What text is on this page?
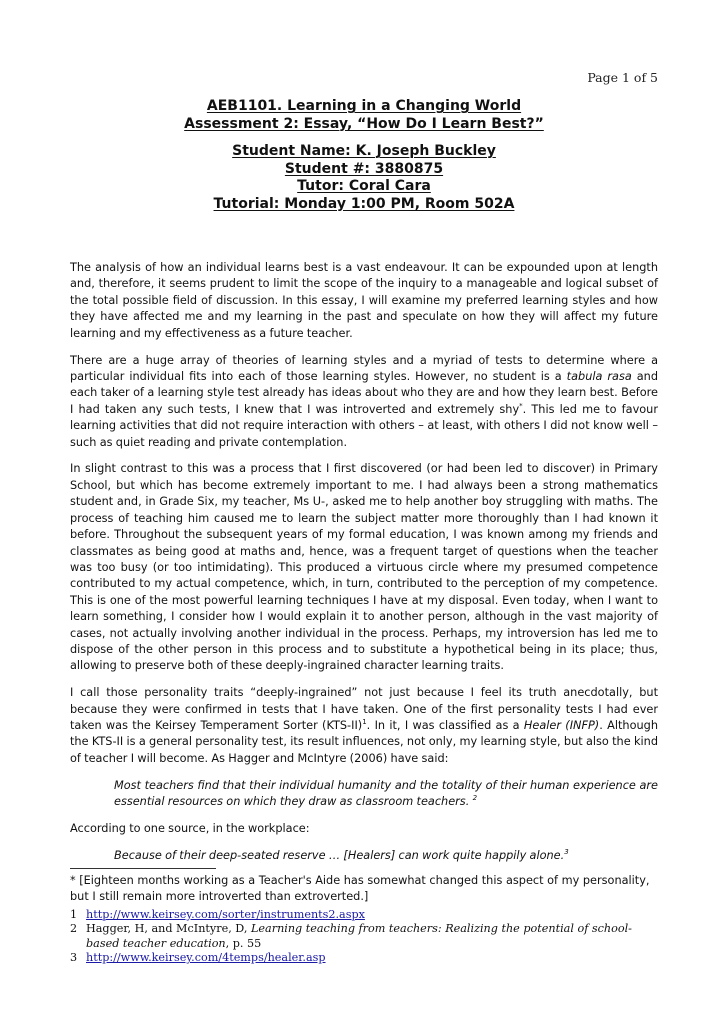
Page 1 of 5
AEB1101. Learning in a Changing World
Assessment 2: Essay, “How Do I Learn Best?”
Student Name: K. Joseph Buckley
Student #: 3880875
Tutor: Coral Cara
Tutorial: Monday 1:00 PM, Room 502A

The analysis of how an individual learns best is a vast endeavour. It can be expounded upon at length and, therefore, it seems prudent to limit the scope of the inquiry to a manageable and logical subset of the total possible field of discussion. In this essay, I will examine my preferred learning styles and how they have affected me and my learning in the past and speculate on how they will affect my future learning and my effectiveness as a future teacher.

There are a huge array of theories of learning styles and a myriad of tests to determine where a particular individual fits into each of those learning styles. However, no student is a tabula rasa and each taker of a learning style test already has ideas about who they are and how they learn best. Before I had taken any such tests, I knew that I was introverted and extremely shy*. This led me to favour learning activities that did not require interaction with others – at least, with others I did not know well – such as quiet reading and private contemplation.

In slight contrast to this was a process that I first discovered (or had been led to discover) in Primary School, but which has become extremely important to me. I had always been a strong mathematics student and, in Grade Six, my teacher, Ms U-, asked me to help another boy struggling with maths. The process of teaching him caused me to learn the subject matter more thoroughly than I had known it before. Throughout the subsequent years of my formal education, I was known among my friends and classmates as being good at maths and, hence, was a frequent target of questions when the teacher was too busy (or too intimidating). This produced a virtuous circle where my presumed competence contributed to my actual competence, which, in turn, contributed to the perception of my competence. This is one of the most powerful learning techniques I have at my disposal. Even today, when I want to learn something, I consider how I would explain it to another person, although in the vast majority of cases, not actually involving another individual in the process. Perhaps, my introversion has led me to dispose of the other person in this process and to substitute a hypothetical being in its place; thus, allowing to preserve both of these deeply-ingrained character learning traits.

I call those personality traits “deeply-ingrained” not just because I feel its truth anecdotally, but because they were confirmed in tests that I have taken. One of the first personality tests I had ever taken was the Keirsey Temperament Sorter $(KTS-II)^1$. In it, I was classified as a Healer (INFP). Although the KTS-II is a general personality test, its result influences, not only, my learning style, but also the kind of teacher I will become. As Hagger and McIntyre (2006) have said:

Most teachers find that their individual humanity and the totality of their human experience are essential resources on which they draw as classroom teachers. $^2$

According to one source, in the workplace:

Because of their deep-seated reserve … [Healers] can work quite happily alone.$^3$

* [Eighteen months working as a Teacher's Aide has somewhat changed this aspect of my personality, but I still remain more introverted than extroverted.]
1 http://www.keirsey.com/sorter/instruments2.aspx
2 Hagger, H, and McIntyre, D, Learning teaching from teachers: Realizing the potential of school-based teacher education, p. 55
3 http://www.keirsey.com/4temps/healer.asp
